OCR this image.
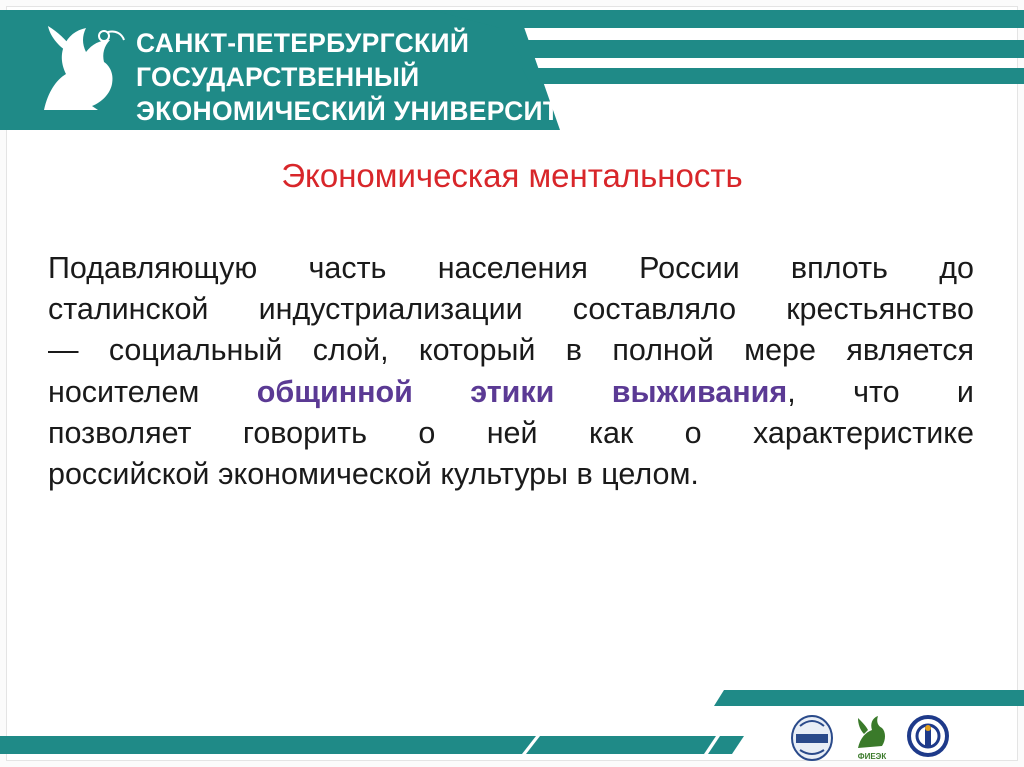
САНКТ-ПЕТЕРБУРГСКИЙ
ГОСУДАРСТВЕННЫЙ
ЭКОНОМИЧЕСКИЙ УНИВЕРСИТЕТ
Экономическая ментальность
Подавляющую часть населения России вплоть до
сталинской индустриализации составляло крестьянство
— социальный слой, который в полной мере является
носителем общинной этики выживания, что и
позволяет говорить о ней как о характеристике
российской экономической культуры в целом.
ФИЕЭК
